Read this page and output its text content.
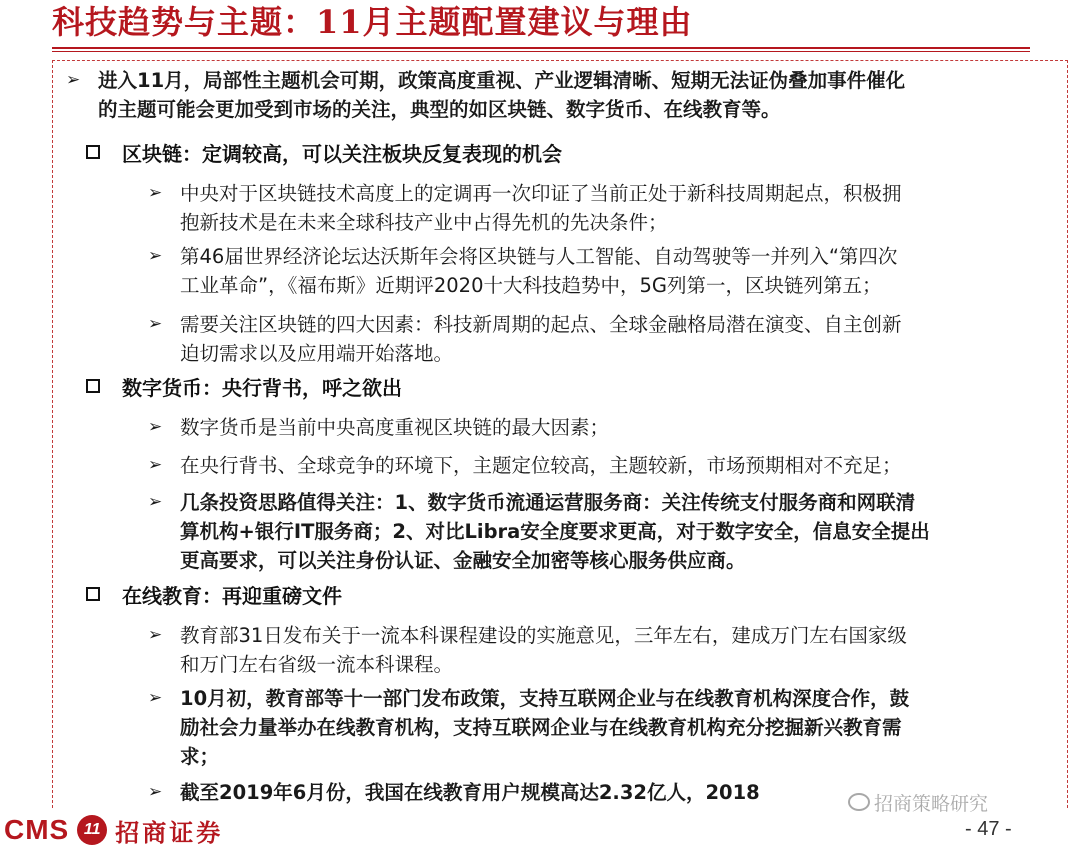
科技趋势与主题：11月主题配置建议与理由
➢ 进入11月，局部性主题机会可期，政策高度重视、产业逻辑清晰、短期无法证伪叠加事件催化
的主题可能会更加受到市场的关注，典型的如区块链、数字货币、在线教育等。
区块链：定调较高，可以关注板块反复表现的机会
➢ 中央对于区块链技术高度上的定调再一次印证了当前正处于新科技周期起点，积极拥
抱新技术是在未来全球科技产业中占得先机的先决条件；
➢ 第46届世界经济论坛达沃斯年会将区块链与人工智能、自动驾驶等一并列入“第四次
工业革命”，《福布斯》近期评2020十大科技趋势中，5G列第一，区块链列第五；
➢ 需要关注区块链的四大因素：科技新周期的起点、全球金融格局潜在演变、自主创新
迫切需求以及应用端开始落地。
数字货币：央行背书，呼之欲出
➢ 数字货币是当前中央高度重视区块链的最大因素；
➢ 在央行背书、全球竞争的环境下，主题定位较高，主题较新，市场预期相对不充足；
➢ 几条投资思路值得关注：1、数字货币流通运营服务商：关注传统支付服务商和网联清
算机构+银行IT服务商；2、对比Libra安全度要求更高，对于数字安全，信息安全提出
更高要求，可以关注身份认证、金融安全加密等核心服务供应商。
在线教育：再迎重磅文件
➢ 教育部31日发布关于一流本科课程建设的实施意见，三年左右，建成万门左右国家级
和万门左右省级一流本科课程。
➢ 10月初，教育部等十一部门发布政策，支持互联网企业与在线教育机构深度合作，鼓
励社会力量举办在线教育机构，支持互联网企业与在线教育机构充分挖掘新兴教育需
求；
➢ 截至2019年6月份，我国在线教育用户规模高达2.32亿人，2018	招商策略研究
CMS 11 招商证券	- 47 -
